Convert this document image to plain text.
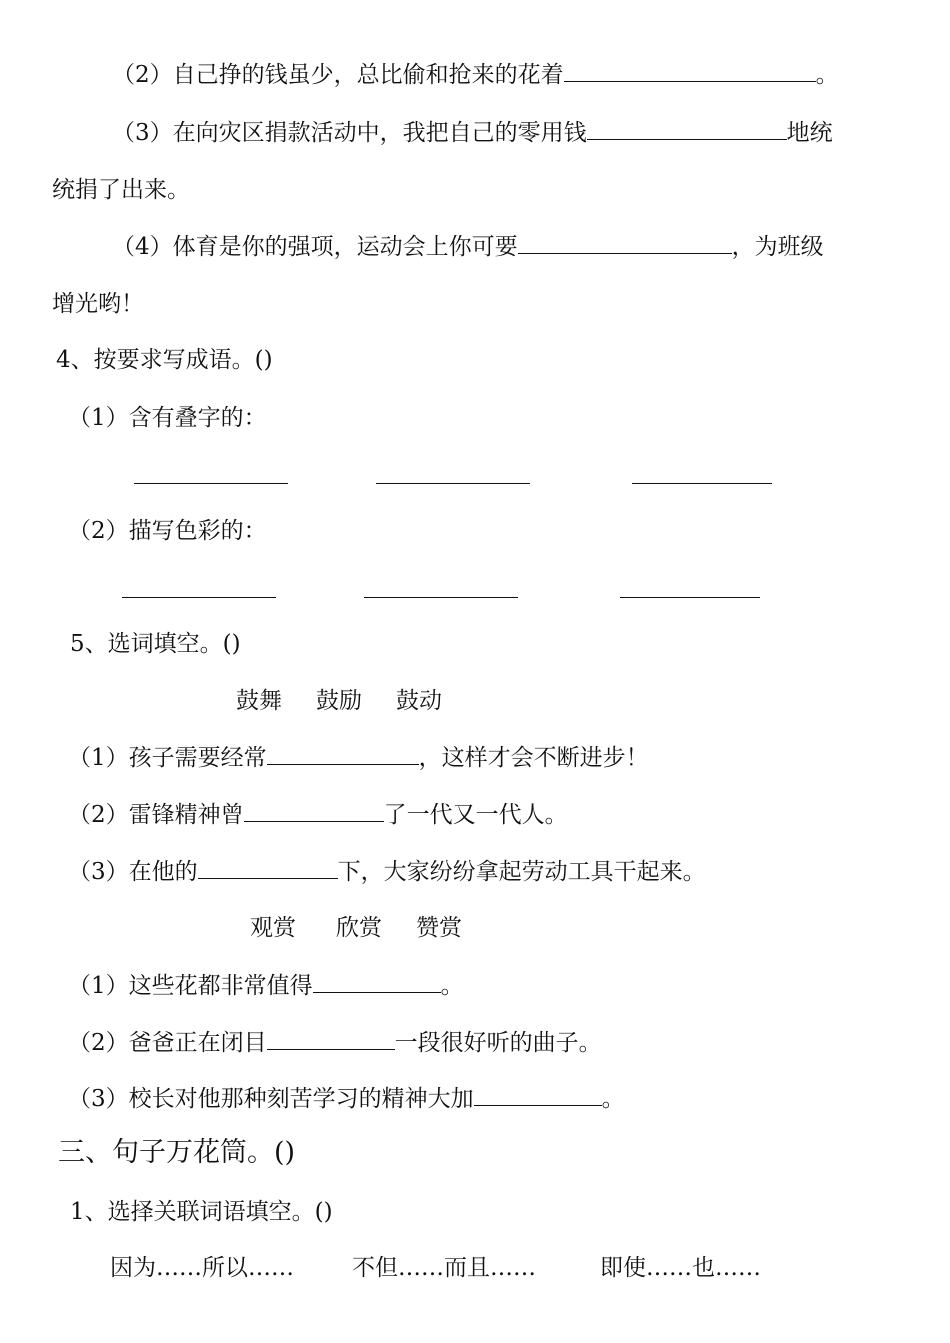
（2）自己挣的钱虽少，总比偷和抢来的花着	。
（3）在向灾区捐款活动中，我把自己的零用钱	地统
统捐了出来。
（4）体育是你的强项，运动会上你可要	，为班级
增光哟！
4、按要求写成语。()
（1）含有叠字的：
（2）描写色彩的：
5、选词填空。()
鼓舞 鼓励 鼓动
（1）孩子需要经常	，这样才会不断进步！
（2）雷锋精神曾	了一代又一代人。
（3）在他的	下，大家纷纷拿起劳动工具干起来。
观赏 欣赏 赞赏
（1）这些花都非常值得	。
（2）爸爸正在闭目	一段很好听的曲子。
（3）校长对他那种刻苦学习的精神大加	。
三、句子万花筒。()
1、选择关联词语填空。()
因为……所以……	不但……而且……	即使……也……
